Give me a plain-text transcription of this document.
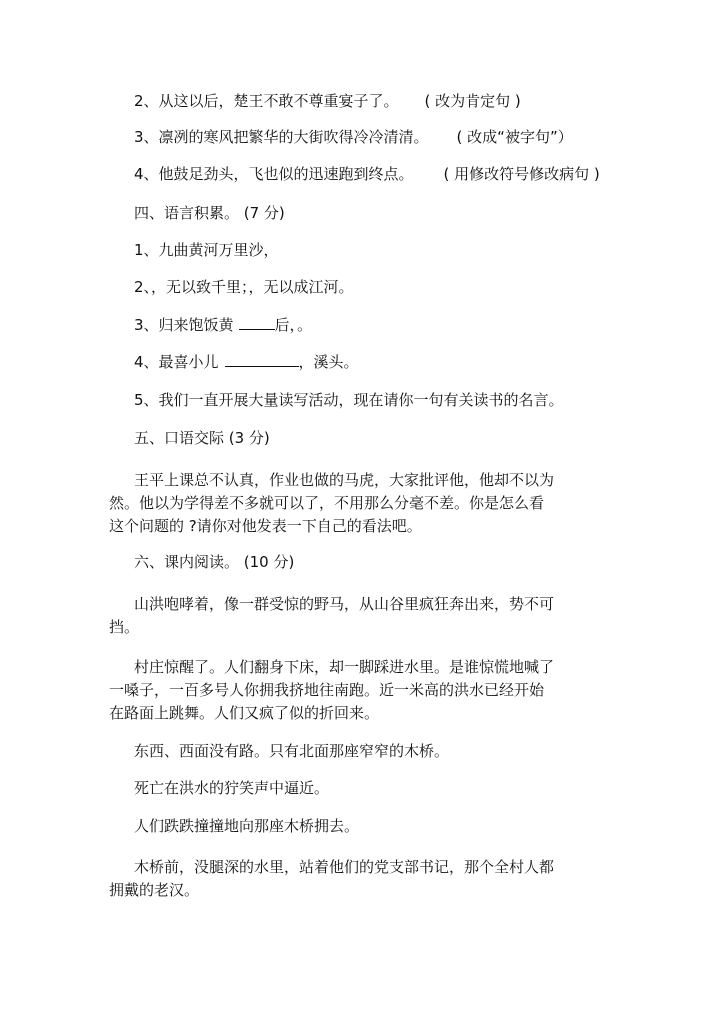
2、从这以后，楚王不敢不尊重宴子了。 ( 改为肯定句 )
3、凛冽的寒风把繁华的大街吹得冷冷清清。 ( 改成“被字句”）
4、他鼓足劲头，飞也似的迅速跑到终点。 ( 用修改符号修改病句 )
四、语言积累。 (7 分)
1、九曲黄河万里沙，
2、，无以致千里；，无以成江河。
3、归来饱饭黄	后，。
4、最喜小儿	，溪头。
5、我们一直开展大量读写活动，现在请你一句有关读书的名言。
五、口语交际 (3 分)
王平上课总不认真，作业也做的马虎，大家批评他，他却不以为
然。他以为学得差不多就可以了，不用那么分毫不差。你是怎么看
这个问题的 ?请你对他发表一下自己的看法吧。
六、课内阅读。 (10 分)
山洪咆哮着，像一群受惊的野马，从山谷里疯狂奔出来，势不可
挡。
村庄惊醒了。人们翻身下床，却一脚踩进水里。是谁惊慌地喊了
一嗓子，一百多号人你拥我挤地往南跑。近一米高的洪水已经开始
在路面上跳舞。人们又疯了似的折回来。
东西、西面没有路。只有北面那座窄窄的木桥。
死亡在洪水的狞笑声中逼近。
人们跌跌撞撞地向那座木桥拥去。
木桥前，没腿深的水里，站着他们的党支部书记，那个全村人都
拥戴的老汉。
